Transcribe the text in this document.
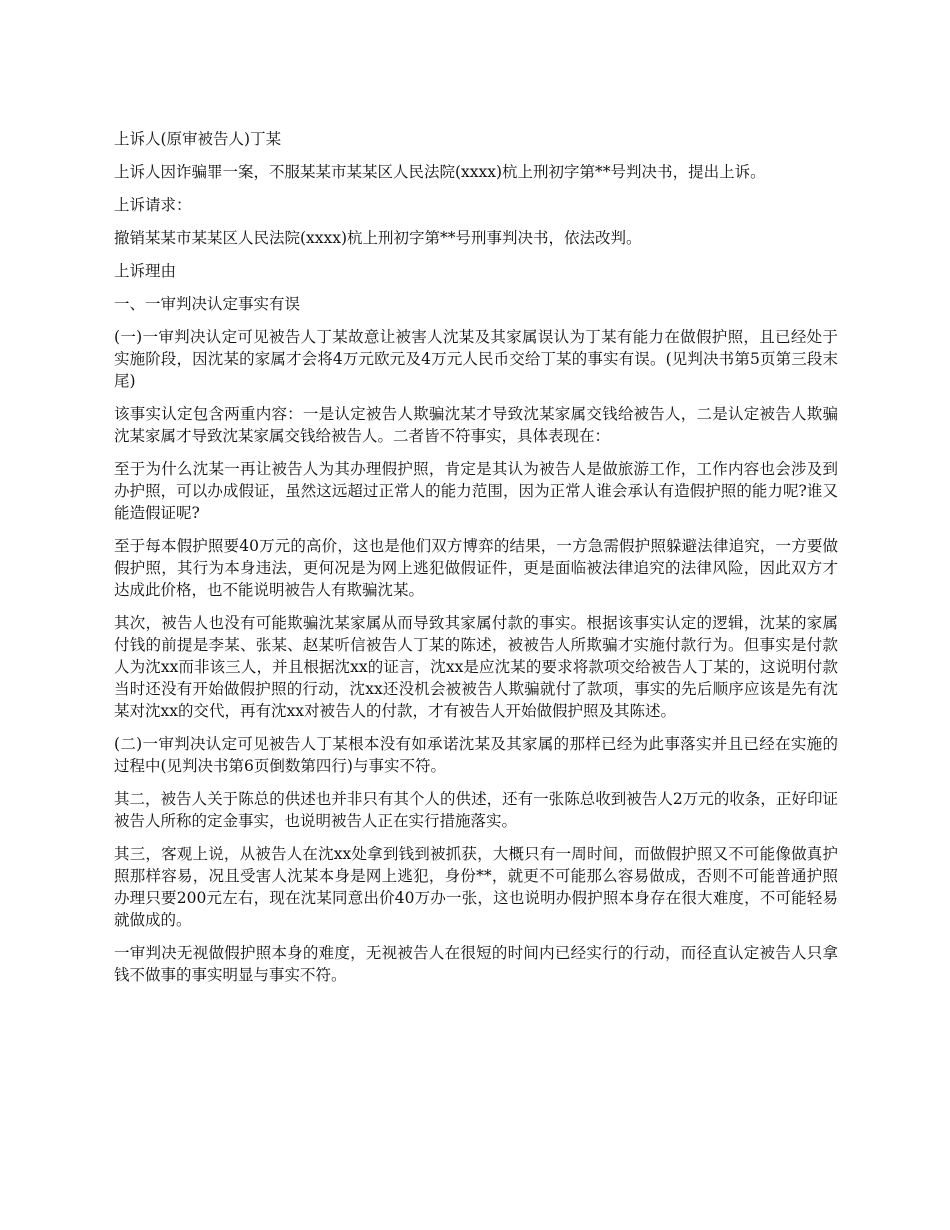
上诉人(原审被告人)丁某

上诉人因诈骗罪一案，不服某某市某某区人民法院(xxxx)杭上刑初字第**号判决书，提出上诉。

上诉请求：

撤销某某市某某区人民法院(xxxx)杭上刑初字第**号刑事判决书，依法改判。

上诉理由

一、一审判决认定事实有误

(一)一审判决认定可见被告人丁某故意让被害人沈某及其家属误认为丁某有能力在做假护照，且已经处于实施阶段，因沈某的家属才会将4万元欧元及4万元人民币交给丁某的事实有误。(见判决书第5页第三段末尾)

该事实认定包含两重内容：一是认定被告人欺骗沈某才导致沈某家属交钱给被告人，二是认定被告人欺骗沈某家属才导致沈某家属交钱给被告人。二者皆不符事实，具体表现在：

至于为什么沈某一再让被告人为其办理假护照，肯定是其认为被告人是做旅游工作，工作内容也会涉及到办护照，可以办成假证，虽然这远超过正常人的能力范围，因为正常人谁会承认有造假护照的能力呢?谁又能造假证呢?

至于每本假护照要40万元的高价，这也是他们双方博弈的结果，一方急需假护照躲避法律追究，一方要做假护照，其行为本身违法，更何况是为网上逃犯做假证件，更是面临被法律追究的法律风险，因此双方才达成此价格，也不能说明被告人有欺骗沈某。

其次，被告人也没有可能欺骗沈某家属从而导致其家属付款的事实。根据该事实认定的逻辑，沈某的家属付钱的前提是李某、张某、赵某听信被告人丁某的陈述，被被告人所欺骗才实施付款行为。但事实是付款人为沈xx而非该三人，并且根据沈xx的证言，沈xx是应沈某的要求将款项交给被告人丁某的，这说明付款当时还没有开始做假护照的行动，沈xx还没机会被被告人欺骗就付了款项，事实的先后顺序应该是先有沈某对沈xx的交代，再有沈xx对被告人的付款，才有被告人开始做假护照及其陈述。

(二)一审判决认定可见被告人丁某根本没有如承诺沈某及其家属的那样已经为此事落实并且已经在实施的过程中(见判决书第6页倒数第四行)与事实不符。

其二，被告人关于陈总的供述也并非只有其个人的供述，还有一张陈总收到被告人2万元的收条，正好印证被告人所称的定金事实，也说明被告人正在实行措施落实。

其三，客观上说，从被告人在沈xx处拿到钱到被抓获，大概只有一周时间，而做假护照又不可能像做真护照那样容易，况且受害人沈某本身是网上逃犯，身份**，就更不可能那么容易做成，否则不可能普通护照办理只要200元左右，现在沈某同意出价40万办一张，这也说明办假护照本身存在很大难度，不可能轻易就做成的。

一审判决无视做假护照本身的难度，无视被告人在很短的时间内已经实行的行动，而径直认定被告人只拿钱不做事的事实明显与事实不符。
